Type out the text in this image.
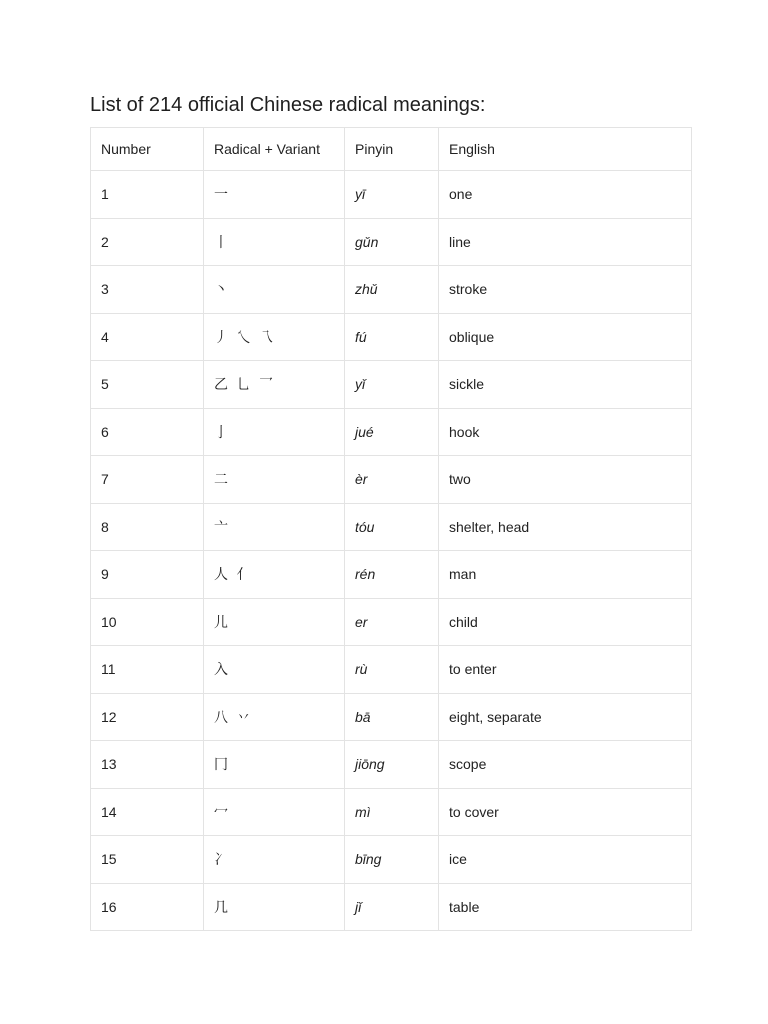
List of 214 official Chinese radical meanings:
Number	Radical + Variant	Pinyin	English
1	一	yī	one
2	丨	gǔn	line
3	丶	zhǔ	stroke
4	丿 乀 乁	fú	oblique
5	乙 乚 乛	yǐ	sickle
6	亅	jué	hook
7	二	èr	two
8	亠	tóu	shelter, head
9	人 亻	rén	man
10	儿	er	child
11	入	rù	to enter
12	八 丷	bā	eight, separate
13	冂	jiōng	scope
14	冖	mì	to cover
15	冫	bīng	ice
16	几	jǐ	table
